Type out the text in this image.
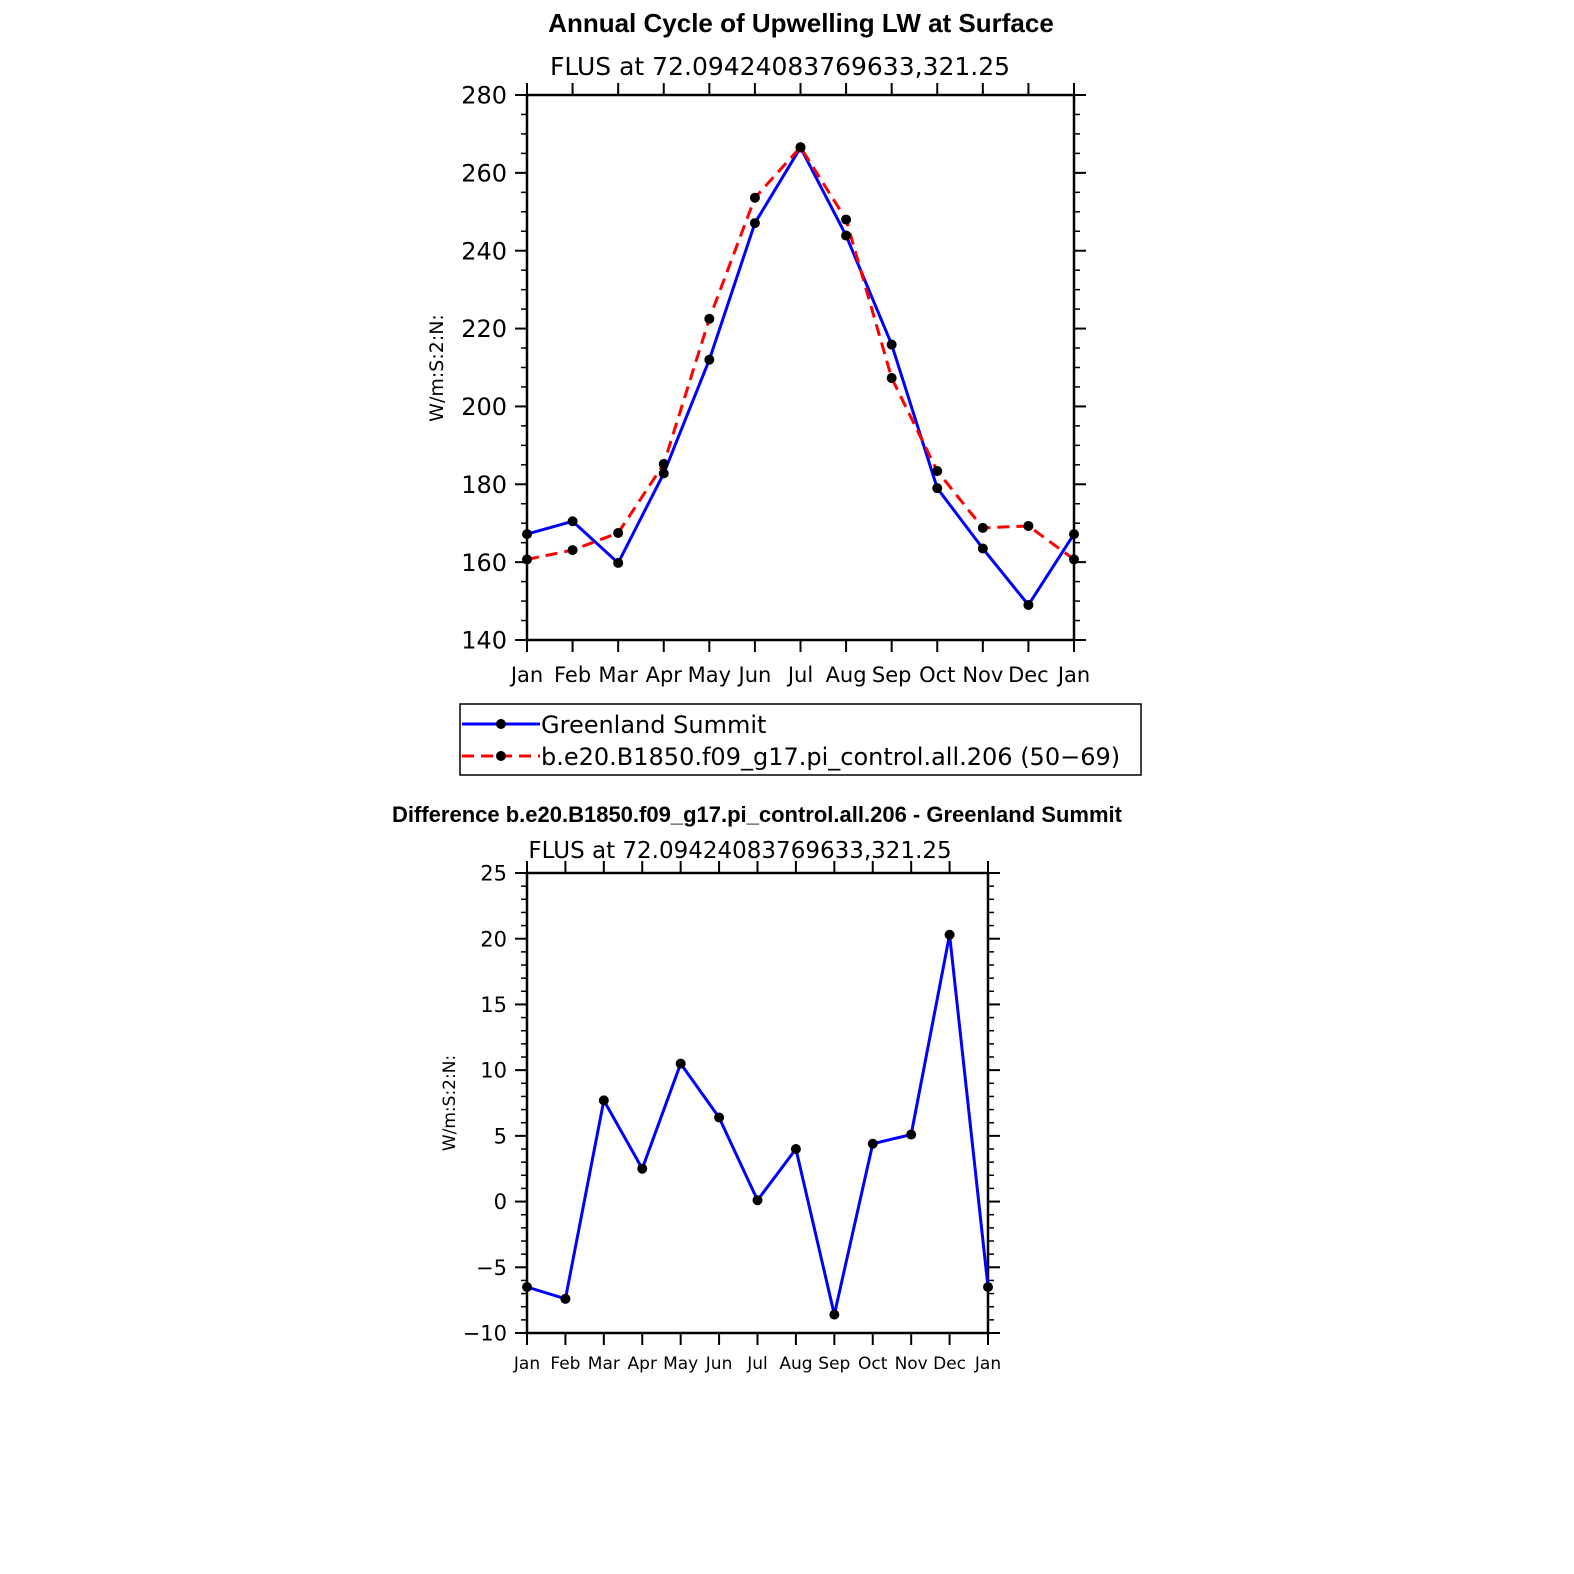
Annual Cycle of Upwelling LW at Surface
FLUS at 72.09424083769633,321.25
W/m:S:2:N:
140
160
180
200
220
240
260
280
Jan Feb Mar Apr May Jun Jul Aug Sep Oct Nov Dec Jan
Greenland Summit
b.e20.B1850.f09_g17.pi_control.all.206 (50−69)
Difference b.e20.B1850.f09_g17.pi_control.all.206 - Greenland Summit
FLUS at 72.09424083769633,321.25
W/m:S:2:N:
−10
−5
0
5
10
15
20
25
Jan Feb Mar Apr May Jun Jul Aug Sep Oct Nov Dec Jan
